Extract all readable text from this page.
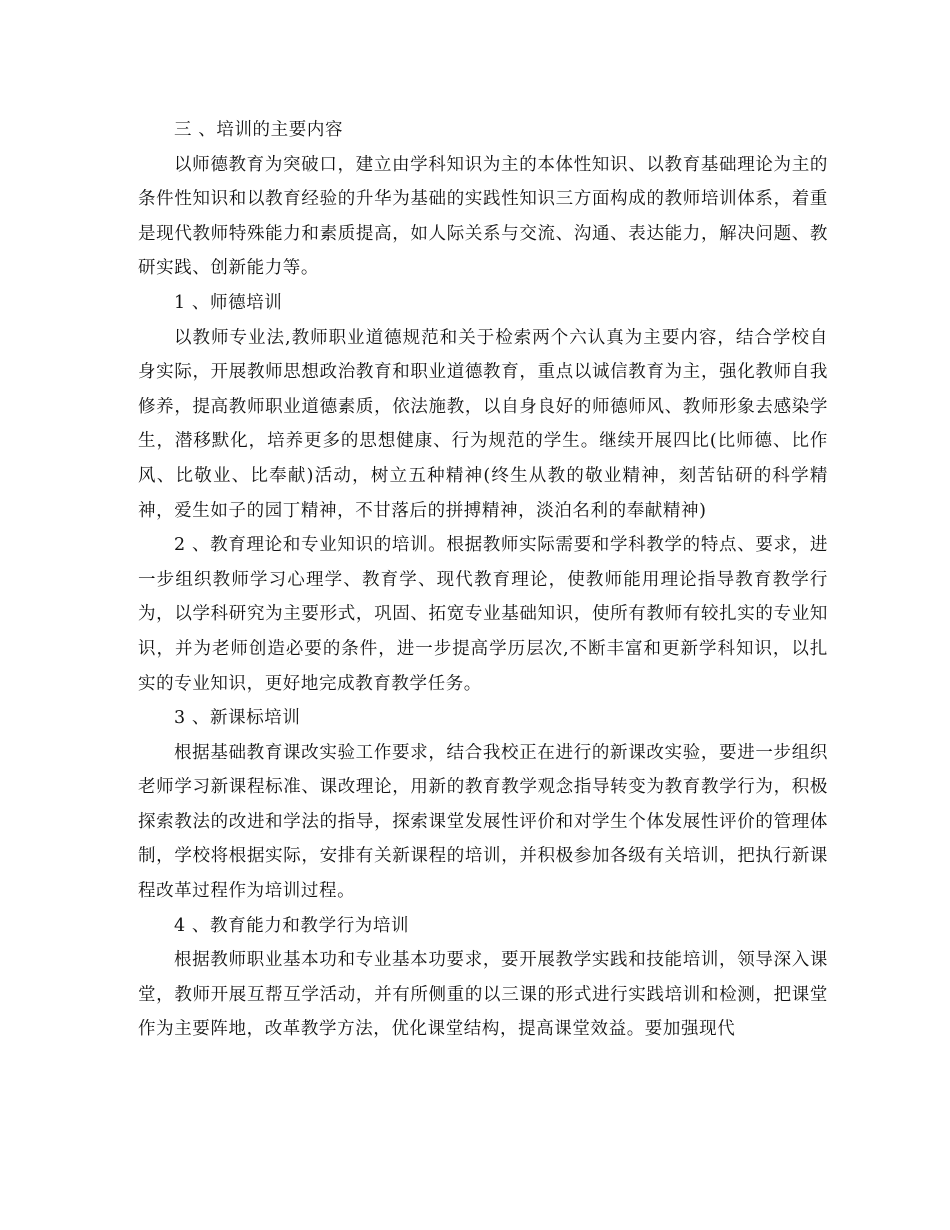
三 、培训的主要内容

以师德教育为突破口，建立由学科知识为主的本体性知识、以教育基础理论为主的条件性知识和以教育经验的升华为基础的实践性知识三方面构成的教师培训体系，着重是现代教师特殊能力和素质提高，如人际关系与交流、沟通、表达能力，解决问题、教研实践、创新能力等。

1 、师德培训

以教师专业法,教师职业道德规范和关于检索两个六认真为主要内容，结合学校自身实际，开展教师思想政治教育和职业道德教育，重点以诚信教育为主，强化教师自我修养，提高教师职业道德素质，依法施教，以自身良好的师德师风、教师形象去感染学生，潜移默化，培养更多的思想健康、行为规范的学生。继续开展四比(比师德、比作风、比敬业、比奉献)活动，树立五种精神(终生从教的敬业精神，刻苦钻研的科学精神，爱生如子的园丁精神，不甘落后的拼搏精神，淡泊名利的奉献精神)

2 、教育理论和专业知识的培训。根据教师实际需要和学科教学的特点、要求，进一步组织教师学习心理学、教育学、现代教育理论，使教师能用理论指导教育教学行为，以学科研究为主要形式，巩固、拓宽专业基础知识，使所有教师有较扎实的专业知识，并为老师创造必要的条件，进一步提高学历层次,不断丰富和更新学科知识，以扎实的专业知识，更好地完成教育教学任务。

3 、新课标培训

根据基础教育课改实验工作要求，结合我校正在进行的新课改实验，要进一步组织老师学习新课程标准、课改理论，用新的教育教学观念指导转变为教育教学行为，积极探索教法的改进和学法的指导，探索课堂发展性评价和对学生个体发展性评价的管理体制，学校将根据实际，安排有关新课程的培训，并积极参加各级有关培训，把执行新课程改革过程作为培训过程。

4 、教育能力和教学行为培训

根据教师职业基本功和专业基本功要求，要开展教学实践和技能培训，领导深入课堂，教师开展互帮互学活动，并有所侧重的以三课的形式进行实践培训和检测，把课堂作为主要阵地，改革教学方法，优化课堂结构，提高课堂效益。要加强现代
